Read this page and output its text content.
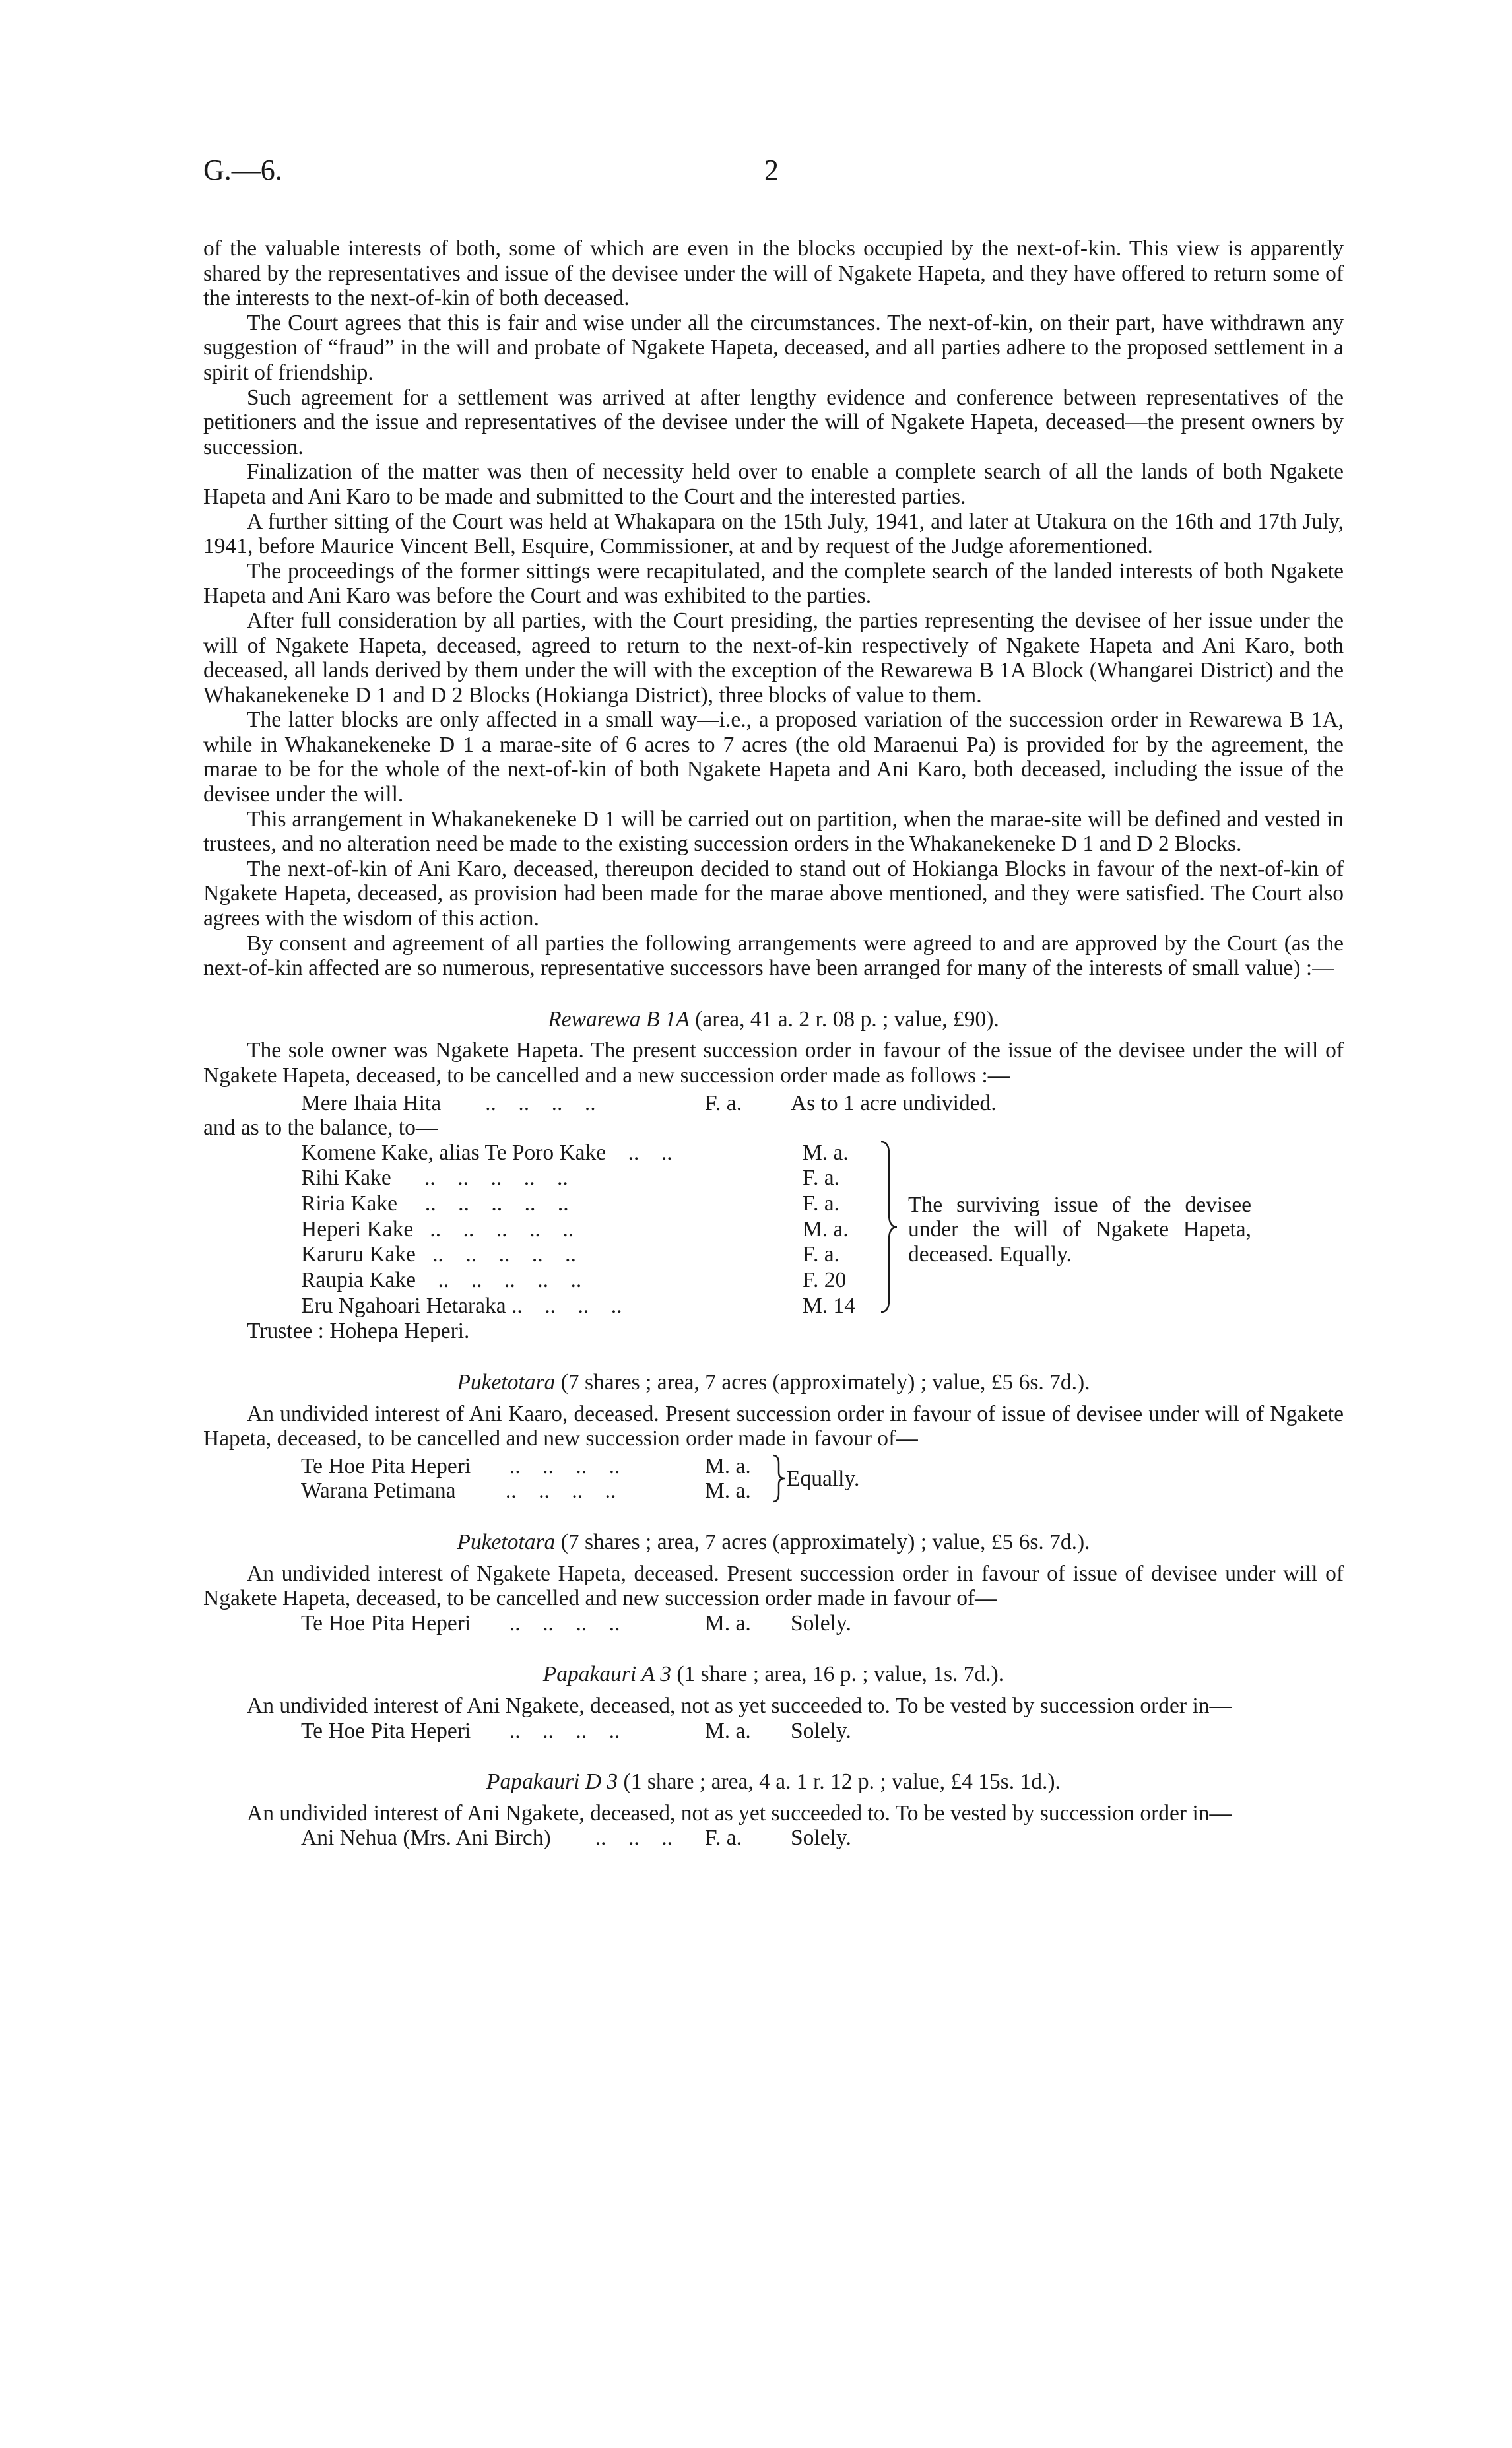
G.—6.	2

of the valuable interests of both, some of which are even in the blocks occupied by the next-of-kin. This view is apparently shared by the representatives and issue of the devisee under the will of Ngakete Hapeta, and they have offered to return some of the interests to the next-of-kin of both deceased.

The Court agrees that this is fair and wise under all the circumstances. The next-of-kin, on their part, have withdrawn any suggestion of “fraud” in the will and probate of Ngakete Hapeta, deceased, and all parties adhere to the proposed settlement in a spirit of friendship.

Such agreement for a settlement was arrived at after lengthy evidence and conference between representatives of the petitioners and the issue and representatives of the devisee under the will of Ngakete Hapeta, deceased—the present owners by succession.

Finalization of the matter was then of necessity held over to enable a complete search of all the lands of both Ngakete Hapeta and Ani Karo to be made and submitted to the Court and the interested parties.

A further sitting of the Court was held at Whakapara on the 15th July, 1941, and later at Utakura on the 16th and 17th July, 1941, before Maurice Vincent Bell, Esquire, Commissioner, at and by request of the Judge aforementioned.

The proceedings of the former sittings were recapitulated, and the complete search of the landed interests of both Ngakete Hapeta and Ani Karo was before the Court and was exhibited to the parties.

After full consideration by all parties, with the Court presiding, the parties representing the devisee of her issue under the will of Ngakete Hapeta, deceased, agreed to return to the next-of-kin respectively of Ngakete Hapeta and Ani Karo, both deceased, all lands derived by them under the will with the exception of the Rewarewa B 1A Block (Whangarei District) and the Whakanekeneke D 1 and D 2 Blocks (Hokianga District), three blocks of value to them.

The latter blocks are only affected in a small way—i.e., a proposed variation of the succession order in Rewarewa B 1A, while in Whakanekeneke D 1 a marae-site of 6 acres to 7 acres (the old Maraenui Pa) is provided for by the agreement, the marae to be for the whole of the next-of-kin of both Ngakete Hapeta and Ani Karo, both deceased, including the issue of the devisee under the will.

This arrangement in Whakanekeneke D 1 will be carried out on partition, when the marae-site will be defined and vested in trustees, and no alteration need be made to the existing succession orders in the Whakanekeneke D 1 and D 2 Blocks.

The next-of-kin of Ani Karo, deceased, thereupon decided to stand out of Hokianga Blocks in favour of the next-of-kin of Ngakete Hapeta, deceased, as provision had been made for the marae above mentioned, and they were satisfied. The Court also agrees with the wisdom of this action.

By consent and agreement of all parties the following arrangements were agreed to and are approved by the Court (as the next-of-kin affected are so numerous, representative successors have been arranged for many of the interests of small value) :—

Rewarewa B 1A (area, 41 a. 2 r. 08 p. ; value, £90).

The sole owner was Ngakete Hapeta. The present succession order in favour of the issue of the devisee under the will of Ngakete Hapeta, deceased, to be cancelled and a new succession order made as follows :—

Mere Ihaia Hita ..    ..    ..    ..	F. a.	As to 1 acre undivided.

and as to the balance, to—

Komene Kake, alias Te Poro Kake ..    ..	M. a.		The surviving issue of the devisee under the will of Ngakete Hapeta, deceased. Equally.

Rihi Kake ..    ..    ..    ..    ..	F. a.		
Riria Kake ..    ..    ..    ..    ..	F. a.		
Heperi Kake ..    ..    ..    ..    ..	M. a.		
Karuru Kake ..    ..    ..    ..    ..	F. a.		
Raupia Kake ..    ..    ..    ..    ..	F. 20		
Eru Ngahoari Hetaraka ..    ..    ..    ..	M. 14		
Trustee : Hohepa Heperi.
Puketotara (7 shares ; area, 7 acres (approximately) ; value, £5 6s. 7d.).

An undivided interest of Ani Kaaro, deceased. Present succession order in favour of issue of devisee under will of Ngakete Hapeta, deceased, to be cancelled and new succession order made in favour of—

Te Hoe Pita Heperi ..    ..    ..    ..	M. a.
Warana Petimana ..    ..    ..    ..	M. a.
Equally.
Puketotara (7 shares ; area, 7 acres (approximately) ; value, £5 6s. 7d.).

An undivided interest of Ngakete Hapeta, deceased. Present succession order in favour of issue of devisee under will of Ngakete Hapeta, deceased, to be cancelled and new succession order made in favour of—

Te Hoe Pita Heperi ..    ..    ..    ..	M. a.	Solely.
Papakauri A 3 (1 share ; area, 16 p. ; value, 1s. 7d.).

An undivided interest of Ani Ngakete, deceased, not as yet succeeded to. To be vested by succession order in—

Te Hoe Pita Heperi ..    ..    ..    ..	M. a.	Solely.
Papakauri D 3 (1 share ; area, 4 a. 1 r. 12 p. ; value, £4 15s. 1d.).

An undivided interest of Ani Ngakete, deceased, not as yet succeeded to. To be vested by succession order in—

Ani Nehua (Mrs. Ani Birch) ..    ..    ..	F. a.	Solely.
